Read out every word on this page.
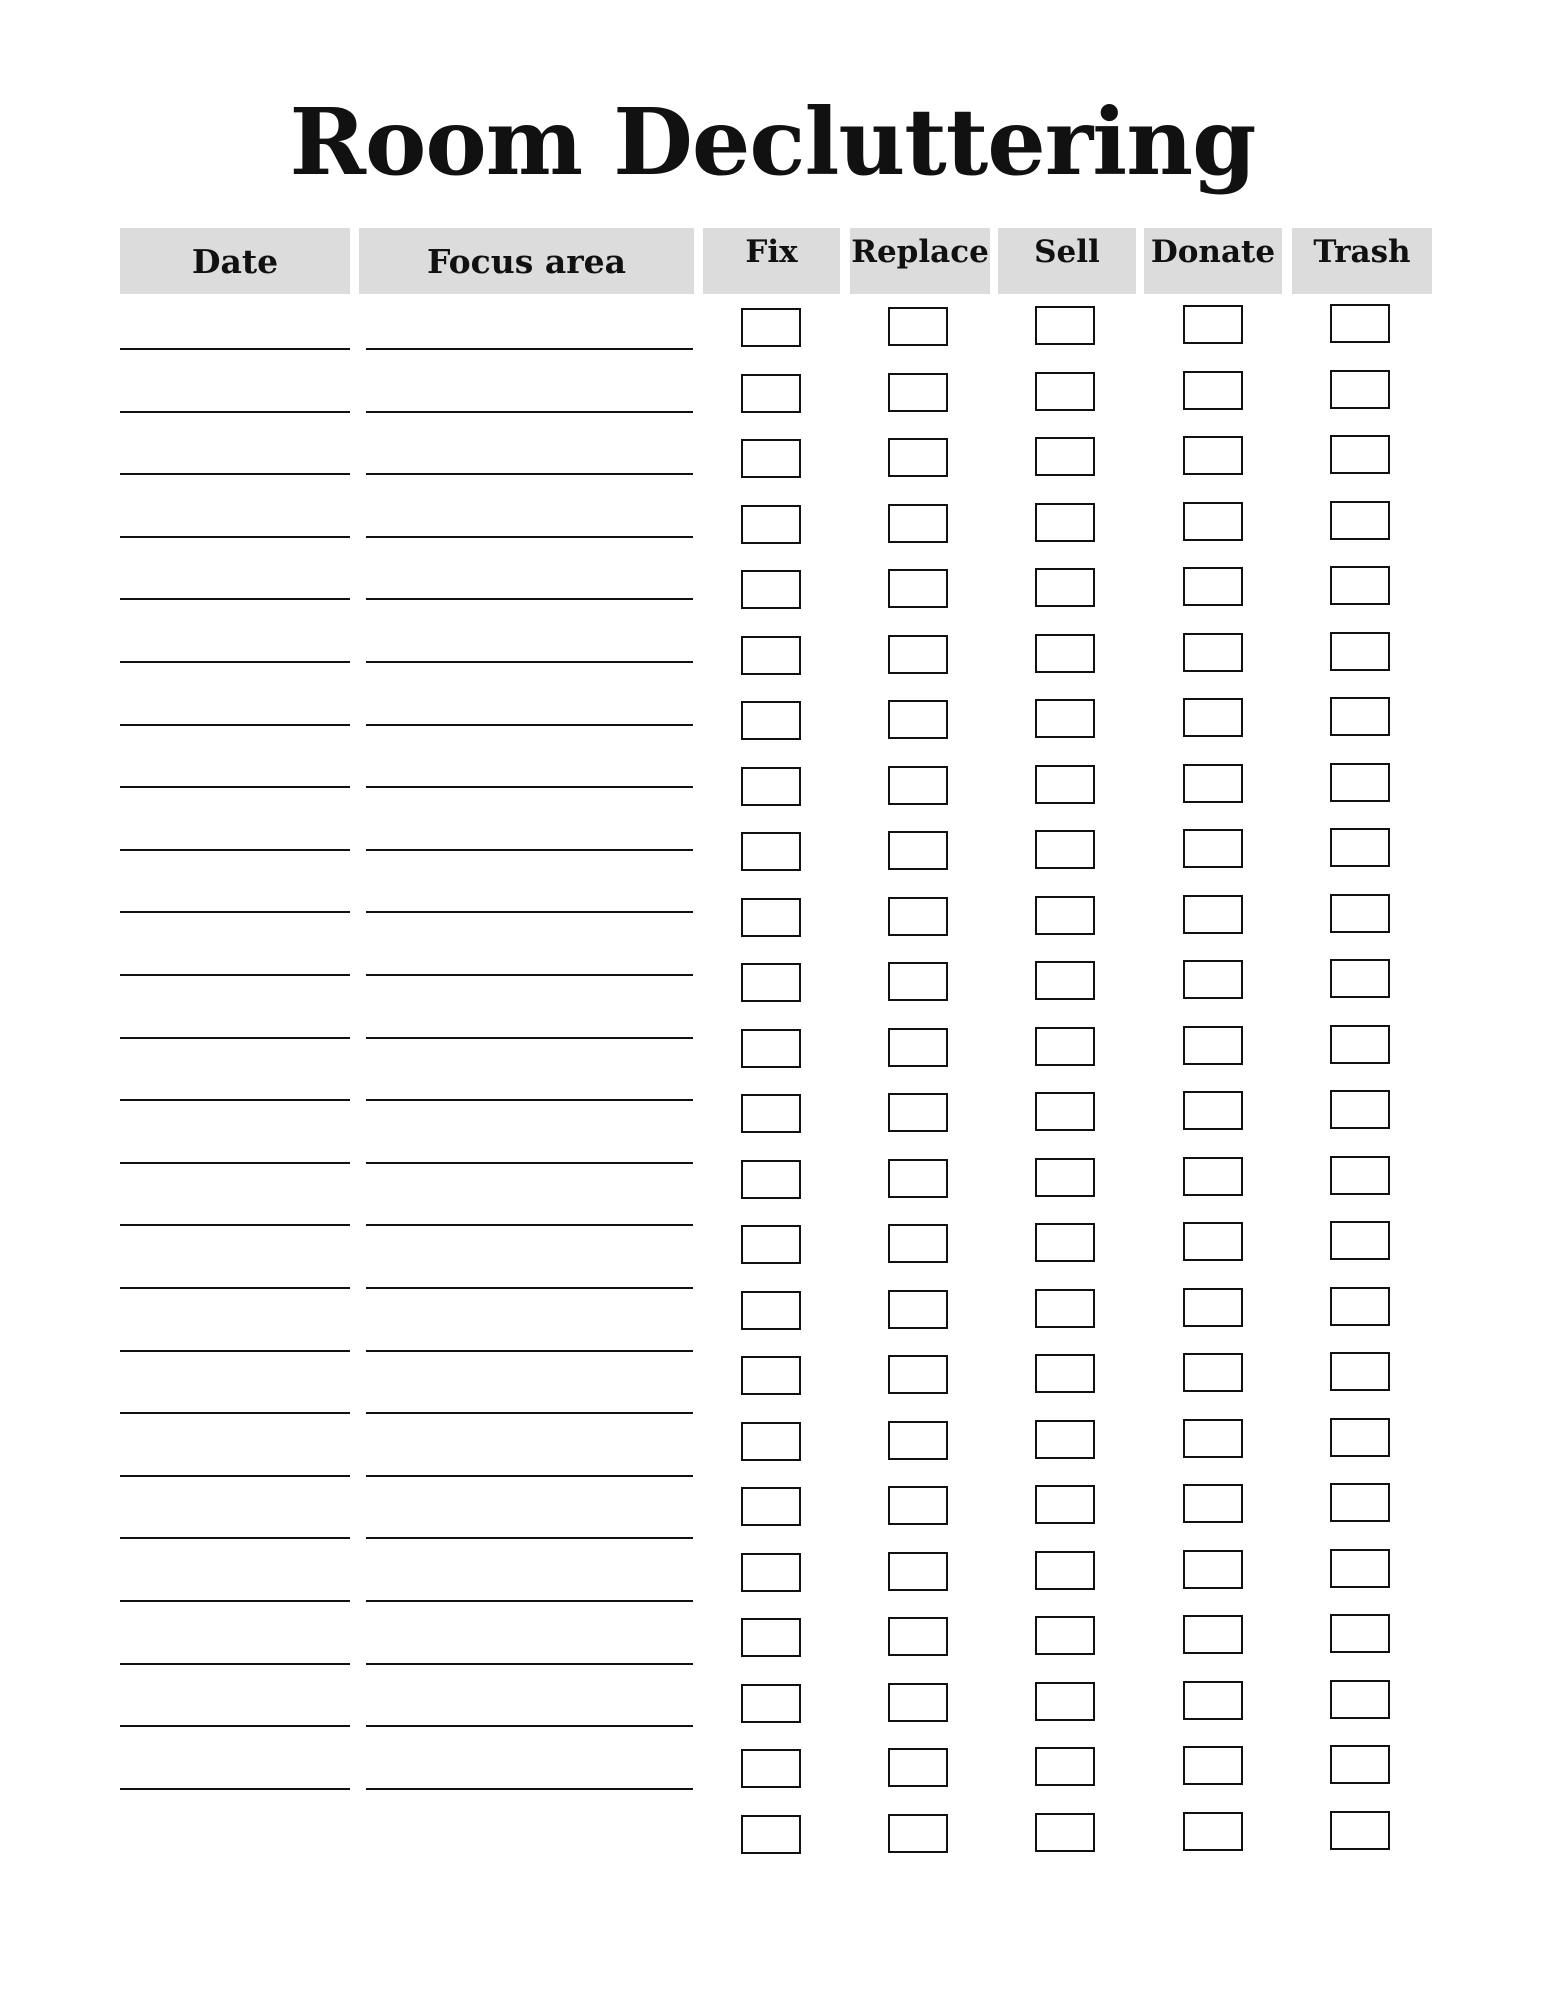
Room Decluttering
Date	Focus area	Fix	Replace	Sell	Donate	Trash
